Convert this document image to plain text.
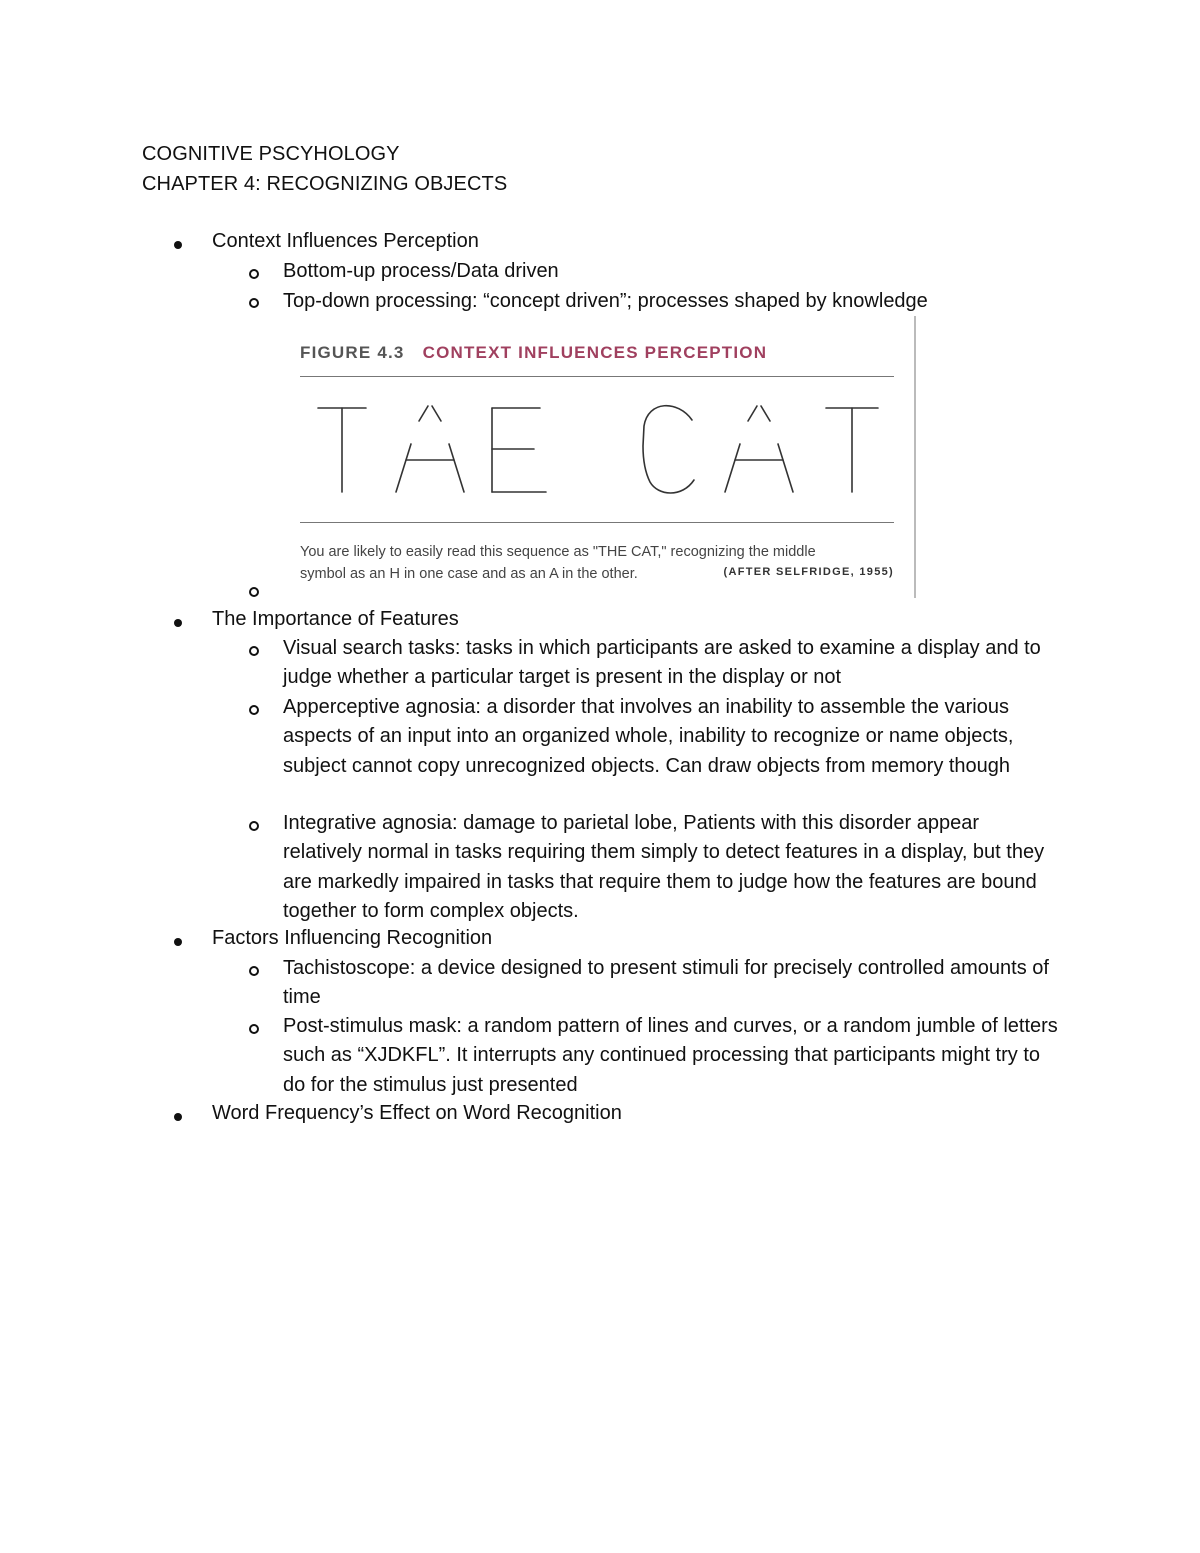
COGNITIVE PSCYHOLOGY
CHAPTER 4: RECOGNIZING OBJECTS
Context Influences Perception
Bottom-up process/Data driven
Top-down processing: “concept driven”; processes shaped by knowledge
FIGURE 4.3 CONTEXT INFLUENCES PERCEPTION
You are likely to easily read this sequence as "THE CAT," recognizing the middle
symbol as an H in one case and as an A in the other.	(AFTER SELFRIDGE, 1955)
The Importance of Features
Visual search tasks: tasks in which participants are asked to examine a display and to judge whether a particular target is present in the display or not
Apperceptive agnosia: a disorder that involves an inability to assemble the various aspects of an input into an organized whole, inability to recognize or name objects, subject cannot copy unrecognized objects. Can draw objects from memory though
Integrative agnosia: damage to parietal lobe, Patients with this disorder appear relatively normal in tasks requiring them simply to detect features in a display, but they are markedly impaired in tasks that require them to judge how the features are bound together to form complex objects.
Factors Influencing Recognition
Tachistoscope: a device designed to present stimuli for precisely controlled amounts of time
Post-stimulus mask: a random pattern of lines and curves, or a random jumble of letters such as “XJDKFL”. It interrupts any continued processing that participants might try to do for the stimulus just presented
Word Frequency’s Effect on Word Recognition
